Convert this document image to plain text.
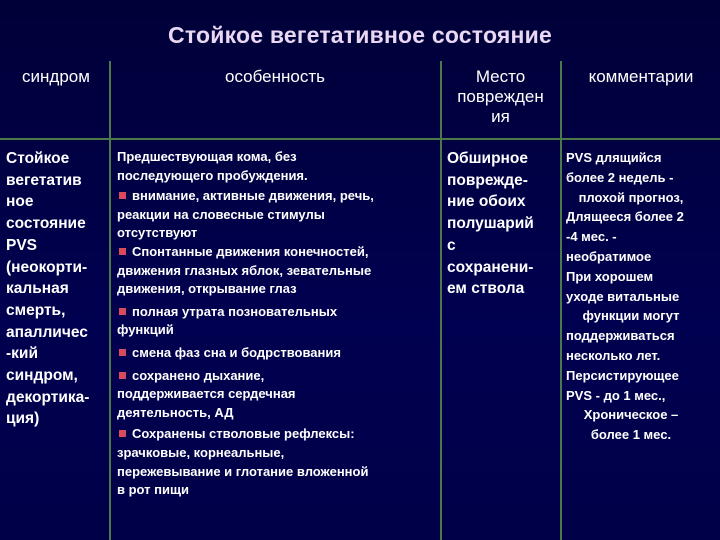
Стойкое вегетативное состояние
синдром	особенность	Место
поврежден
ия
комментарии
Стойкое
вегетатив
ное
состояние
PVS
(неокорти-
кальная
смерть,
апалличес
-кий
синдром,
декортика-
ция)
Предшествующая кома, без
последующего пробуждения.
внимание, активные движения, речь,
реакции на словесные стимулы
отсутствуют
Спонтанные движения конечностей,
движения глазных яблок, зевательные
движения, открывание глаз
полная утрата позновательных
функций
смена фаз сна и бодрствования
сохранено дыхание,
поддерживается сердечная
деятельность, АД
Сохранены стволовые рефлексы:
зрачковые, корнеальные,
пережевывание и глотание вложенной
в рот пищи
Обширное
поврежде-
ние обоих
полушарий
с
сохранени-
ем ствола
PVS длящийся
более 2 недель -
плохой прогноз,
Длящееся более 2
-4 мес. -
необратимое
При хорошем
уходе витальные
функции могут
поддерживаться
несколько лет.
Персистирующее
PVS - до 1 мес.,
Хроническое –
более 1 мес.
